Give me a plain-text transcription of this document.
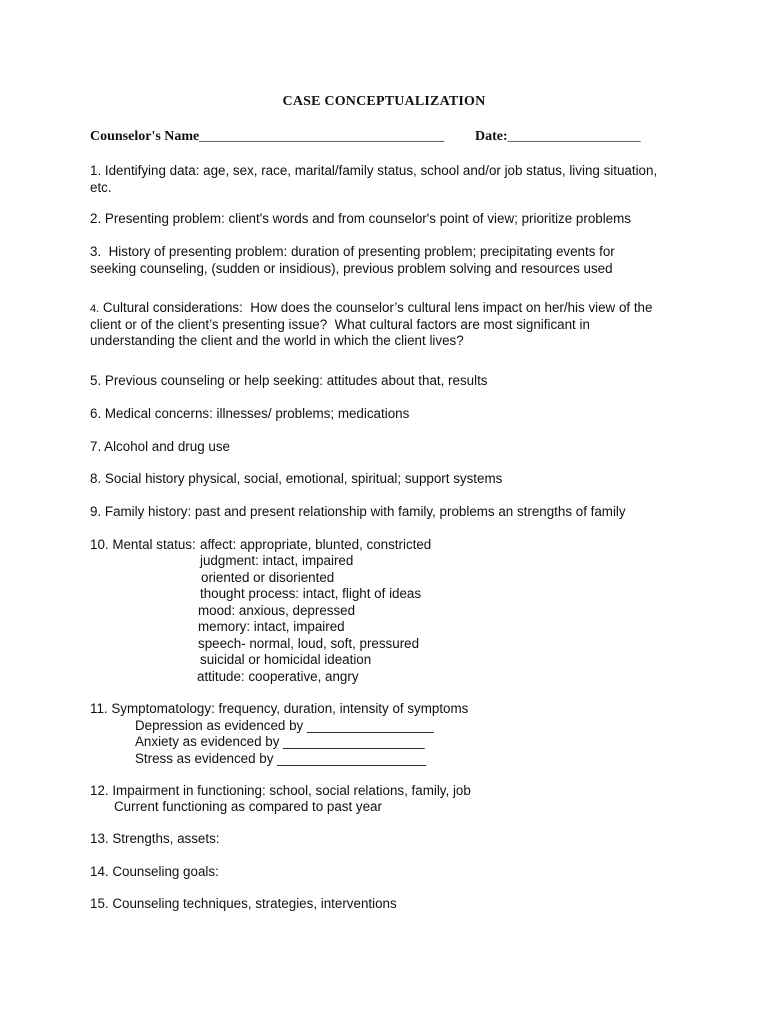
CASE CONCEPTUALIZATION
Counselor's Name___________________________________ Date:___________________
1. Identifying data: age, sex, race, marital/family status, school and/or job status, living situation,
etc.
2. Presenting problem: client's words and from counselor's point of view; prioritize problems
3.  History of presenting problem: duration of presenting problem; precipitating events for
seeking counseling, (sudden or insidious), previous problem solving and resources used
4. Cultural considerations:  How does the counselor’s cultural lens impact on her/his view of the
client or of the client’s presenting issue?  What cultural factors are most significant in
understanding the client and the world in which the client lives?
5. Previous counseling or help seeking: attitudes about that, results
6. Medical concerns: illnesses/ problems; medications
7. Alcohol and drug use
8. Social history physical, social, emotional, spiritual; support systems
9. Family history: past and present relationship with family, problems an strengths of family
10. Mental status: affect: appropriate, blunted, constricted
judgment: intact, impaired
oriented or disoriented
thought process: intact, flight of ideas
mood: anxious, depressed
memory: intact, impaired
speech- normal, loud, soft, pressured
suicidal or homicidal ideation
attitude: cooperative, angry
11. Symptomatology: frequency, duration, intensity of symptoms
Depression as evidenced by _________________
Anxiety as evidenced by ___________________
Stress as evidenced by ____________________
12. Impairment in functioning: school, social relations, family, job
Current functioning as compared to past year
13. Strengths, assets:
14. Counseling goals:
15. Counseling techniques, strategies, interventions
